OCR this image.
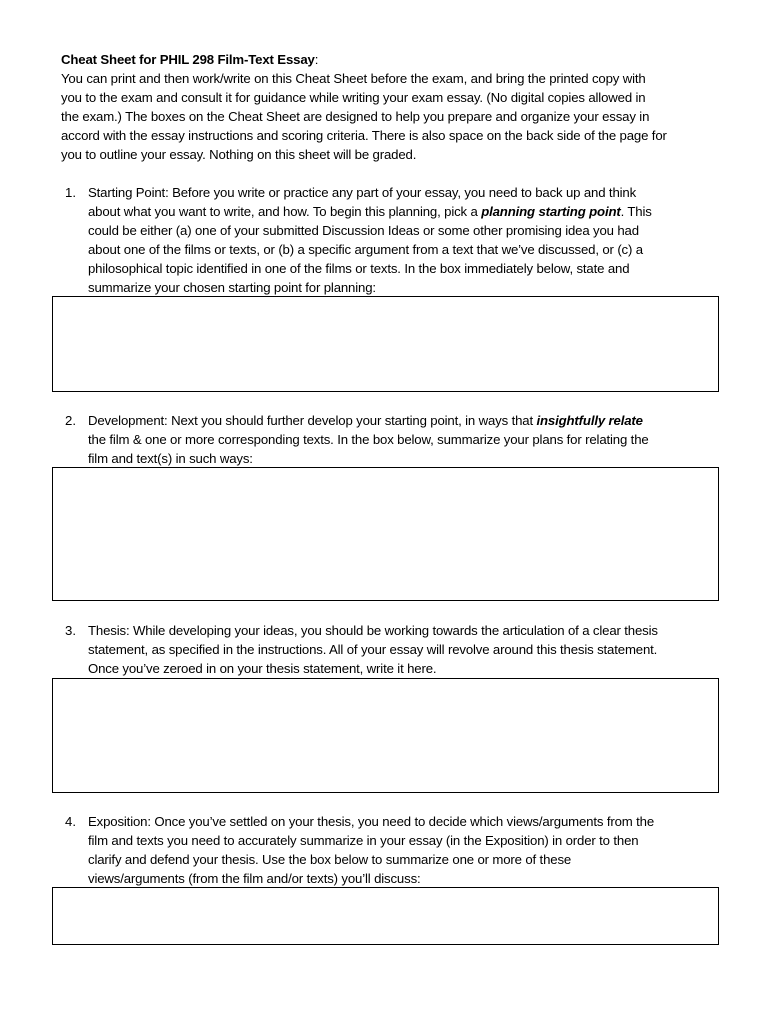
Cheat Sheet for PHIL 298 Film-Text Essay:
You can print and then work/write on this Cheat Sheet before the exam, and bring the printed copy with
you to the exam and consult it for guidance while writing your exam essay. (No digital copies allowed in
the exam.) The boxes on the Cheat Sheet are designed to help you prepare and organize your essay in
accord with the essay instructions and scoring criteria. There is also space on the back side of the page for
you to outline your essay. Nothing on this sheet will be graded.
1. Starting Point: Before you write or practice any part of your essay, you need to back up and think
about what you want to write, and how. To begin this planning, pick a planning starting point. This
could be either (a) one of your submitted Discussion Ideas or some other promising idea you had
about one of the films or texts, or (b) a specific argument from a text that we’ve discussed, or (c) a
philosophical topic identified in one of the films or texts. In the box immediately below, state and
summarize your chosen starting point for planning:
2. Development: Next you should further develop your starting point, in ways that insightfully relate
the film & one or more corresponding texts. In the box below, summarize your plans for relating the
film and text(s) in such ways:
3. Thesis: While developing your ideas, you should be working towards the articulation of a clear thesis
statement, as specified in the instructions. All of your essay will revolve around this thesis statement.
Once you’ve zeroed in on your thesis statement, write it here.
4. Exposition: Once you’ve settled on your thesis, you need to decide which views/arguments from the
film and texts you need to accurately summarize in your essay (in the Exposition) in order to then
clarify and defend your thesis. Use the box below to summarize one or more of these
views/arguments (from the film and/or texts) you’ll discuss:
